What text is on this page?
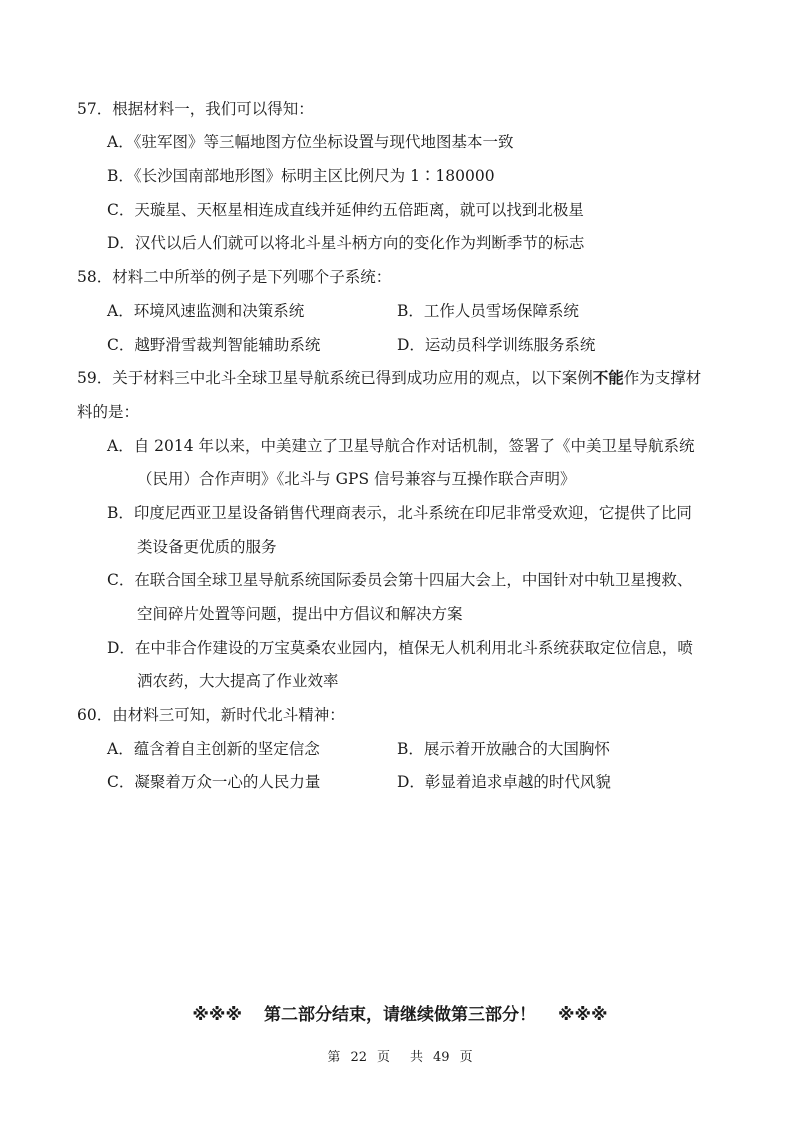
57．根据材料一，我们可以得知：
A．《驻军图》等三幅地图方位坐标设置与现代地图基本一致
B．《长沙国南部地形图》标明主区比例尺为 1∶180000
C．天璇星、天枢星相连成直线并延伸约五倍距离，就可以找到北极星
D．汉代以后人们就可以将北斗星斗柄方向的变化作为判断季节的标志
58．材料二中所举的例子是下列哪个子系统：
A．环境风速监测和决策系统	B．工作人员雪场保障系统
C．越野滑雪裁判智能辅助系统	D．运动员科学训练服务系统
59．关于材料三中北斗全球卫星导航系统已得到成功应用的观点，以下案例不能作为支撑材
料的是：
A．自 2014 年以来，中美建立了卫星导航合作对话机制，签署了《中美卫星导航系统
（民用）合作声明》《北斗与 GPS 信号兼容与互操作联合声明》
B．印度尼西亚卫星设备销售代理商表示，北斗系统在印尼非常受欢迎，它提供了比同
类设备更优质的服务
C．在联合国全球卫星导航系统国际委员会第十四届大会上，中国针对中轨卫星搜救、
空间碎片处置等问题，提出中方倡议和解决方案
D．在中非合作建设的万宝莫桑农业园内，植保无人机利用北斗系统获取定位信息，喷
洒农药，大大提高了作业效率
60．由材料三可知，新时代北斗精神：
A．蕴含着自主创新的坚定信念	B．展示着开放融合的大国胸怀
C．凝聚着万众一心的人民力量	D．彰显着追求卓越的时代风貌
※※※ 第二部分结束，请继续做第三部分！ ※※※
第 22 页 共 49 页
